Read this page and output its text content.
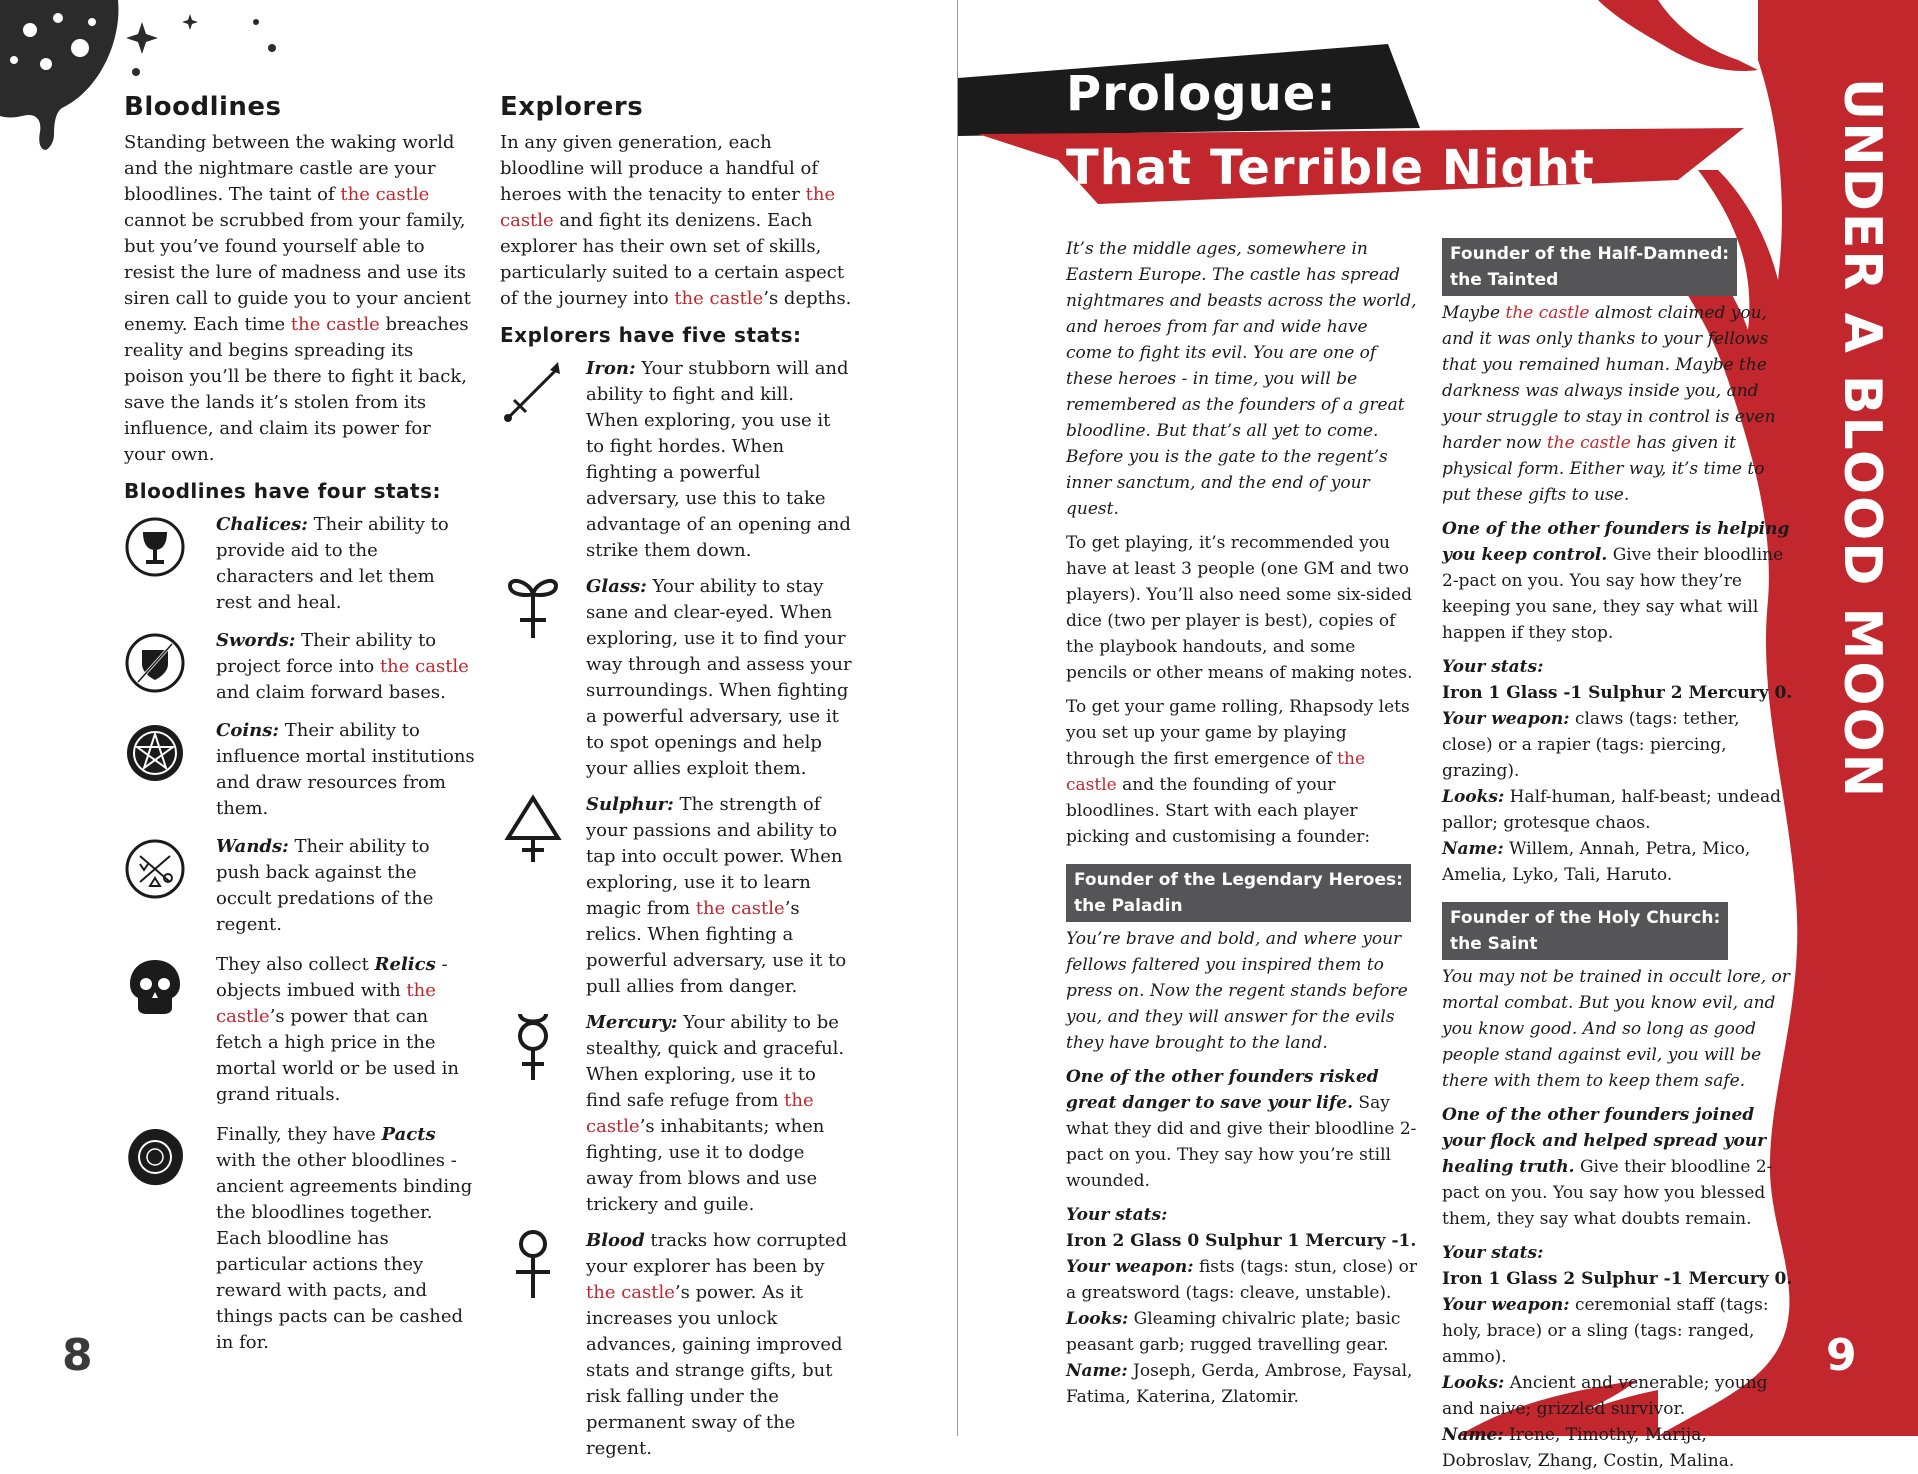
Bloodlines

Standing between the waking world and the nightmare castle are your bloodlines. The taint of the castle cannot be scrubbed from your family, but you’ve found yourself able to resist the lure of madness and use its siren call to guide you to your ancient enemy. Each time the castle breaches reality and begins spreading its poison you’ll be there to fight it back, save the lands it’s stolen from its influence, and claim its power for your own.

Bloodlines have four stats:
Chalices: Their ability to provide aid to the characters and let them rest and heal.
Swords: Their ability to project force into the castle and claim forward bases.
Coins: Their ability to influence mortal institutions and draw resources from them.
Wands: Their ability to push back against the occult predations of the regent.
They also collect Relics - objects imbued with the castle’s power that can fetch a high price in the mortal world or be used in grand rituals.
Finally, they have Pacts with the other bloodlines - ancient agreements binding the bloodlines together. Each bloodline has particular actions they reward with pacts, and things pacts can be cashed in for.
Explorers

In any given generation, each bloodline will produce a handful of heroes with the tenacity to enter the castle and fight its denizens. Each explorer has their own set of skills, particularly suited to a certain aspect of the journey into the castle’s depths.

Explorers have five stats:
Iron: Your stubborn will and ability to fight and kill. When exploring, you use it to fight hordes. When fighting a powerful adversary, use this to take advantage of an opening and strike them down.
Glass: Your ability to stay sane and clear-eyed. When exploring, use it to find your way through and assess your surroundings. When fighting a powerful adversary, use it to spot openings and help your allies exploit them.
Sulphur: The strength of your passions and ability to tap into occult power. When exploring, use it to learn magic from the castle’s relics. When fighting a powerful adversary, use it to pull allies from danger.
Mercury: Your ability to be stealthy, quick and graceful. When exploring, use it to find safe refuge from the castle’s inhabitants; when fighting, use it to dodge away from blows and use trickery and guile.
Blood tracks how corrupted your explorer has been by the castle’s power. As it increases you unlock advances, gaining improved stats and strange gifts, but risk falling under the permanent sway of the regent.
8
Prologue:
That Terrible Night	UNDER A BLOOD MOON

It’s the middle ages, somewhere in Eastern Europe. The castle has spread nightmares and beasts across the world, and heroes from far and wide have come to fight its evil. You are one of these heroes - in time, you will be remembered as the founders of a great bloodline. But that’s all yet to come. Before you is the gate to the regent’s inner sanctum, and the end of your quest.

To get playing, it’s recommended you have at least 3 people (one GM and two players). You’ll also need some six-sided dice (two per player is best), copies of the playbook handouts, and some pencils or other means of making notes.

To get your game rolling, Rhapsody lets you set up your game by playing through the first emergence of the castle and the founding of your bloodlines. Start with each player picking and customising a founder:

Founder of the Legendary Heroes:
the Paladin

You’re brave and bold, and where your fellows faltered you inspired them to press on. Now the regent stands before you, and they will answer for the evils they have brought to the land.

One of the other founders risked great danger to save your life. Say what they did and give their bloodline 2-pact on you. They say how you’re still wounded.

Your stats:
Iron 2 Glass 0 Sulphur 1 Mercury -1.
Your weapon: fists (tags: stun, close) or a greatsword (tags: cleave, unstable).
Looks: Gleaming chivalric plate; basic peasant garb; rugged travelling gear.
Name: Joseph, Gerda, Ambrose, Faysal, Fatima, Katerina, Zlatomir.

Founder of the Half-Damned:
the Tainted

Maybe the castle almost claimed you, and it was only thanks to your fellows that you remained human. Maybe the darkness was always inside you, and your struggle to stay in control is even harder now the castle has given it physical form. Either way, it’s time to put these gifts to use.

One of the other founders is helping you keep control. Give their bloodline 2-pact on you. You say how they’re keeping you sane, they say what will happen if they stop.

Your stats:
Iron 1 Glass -1 Sulphur 2 Mercury 0.
Your weapon: claws (tags: tether, close) or a rapier (tags: piercing, grazing).
Looks: Half-human, half-beast; undead pallor; grotesque chaos.
Name: Willem, Annah, Petra, Mico, Amelia, Lyko, Tali, Haruto.

Founder of the Holy Church:
the Saint

You may not be trained in occult lore, or mortal combat. But you know evil, and you know good. And so long as good people stand against evil, you will be there with them to keep them safe.

One of the other founders joined your flock and helped spread your healing truth. Give their bloodline 2-pact on you. You say how you blessed them, they say what doubts remain.

Your stats:
Iron 1 Glass 2 Sulphur -1 Mercury 0.
Your weapon: ceremonial staff (tags: holy, brace) or a sling (tags: ranged, ammo).
Looks: Ancient and venerable; young and naive; grizzled survivor.
Name: Irene, Timothy, Marija, Dobroslav, Zhang, Costin, Malina.

9
